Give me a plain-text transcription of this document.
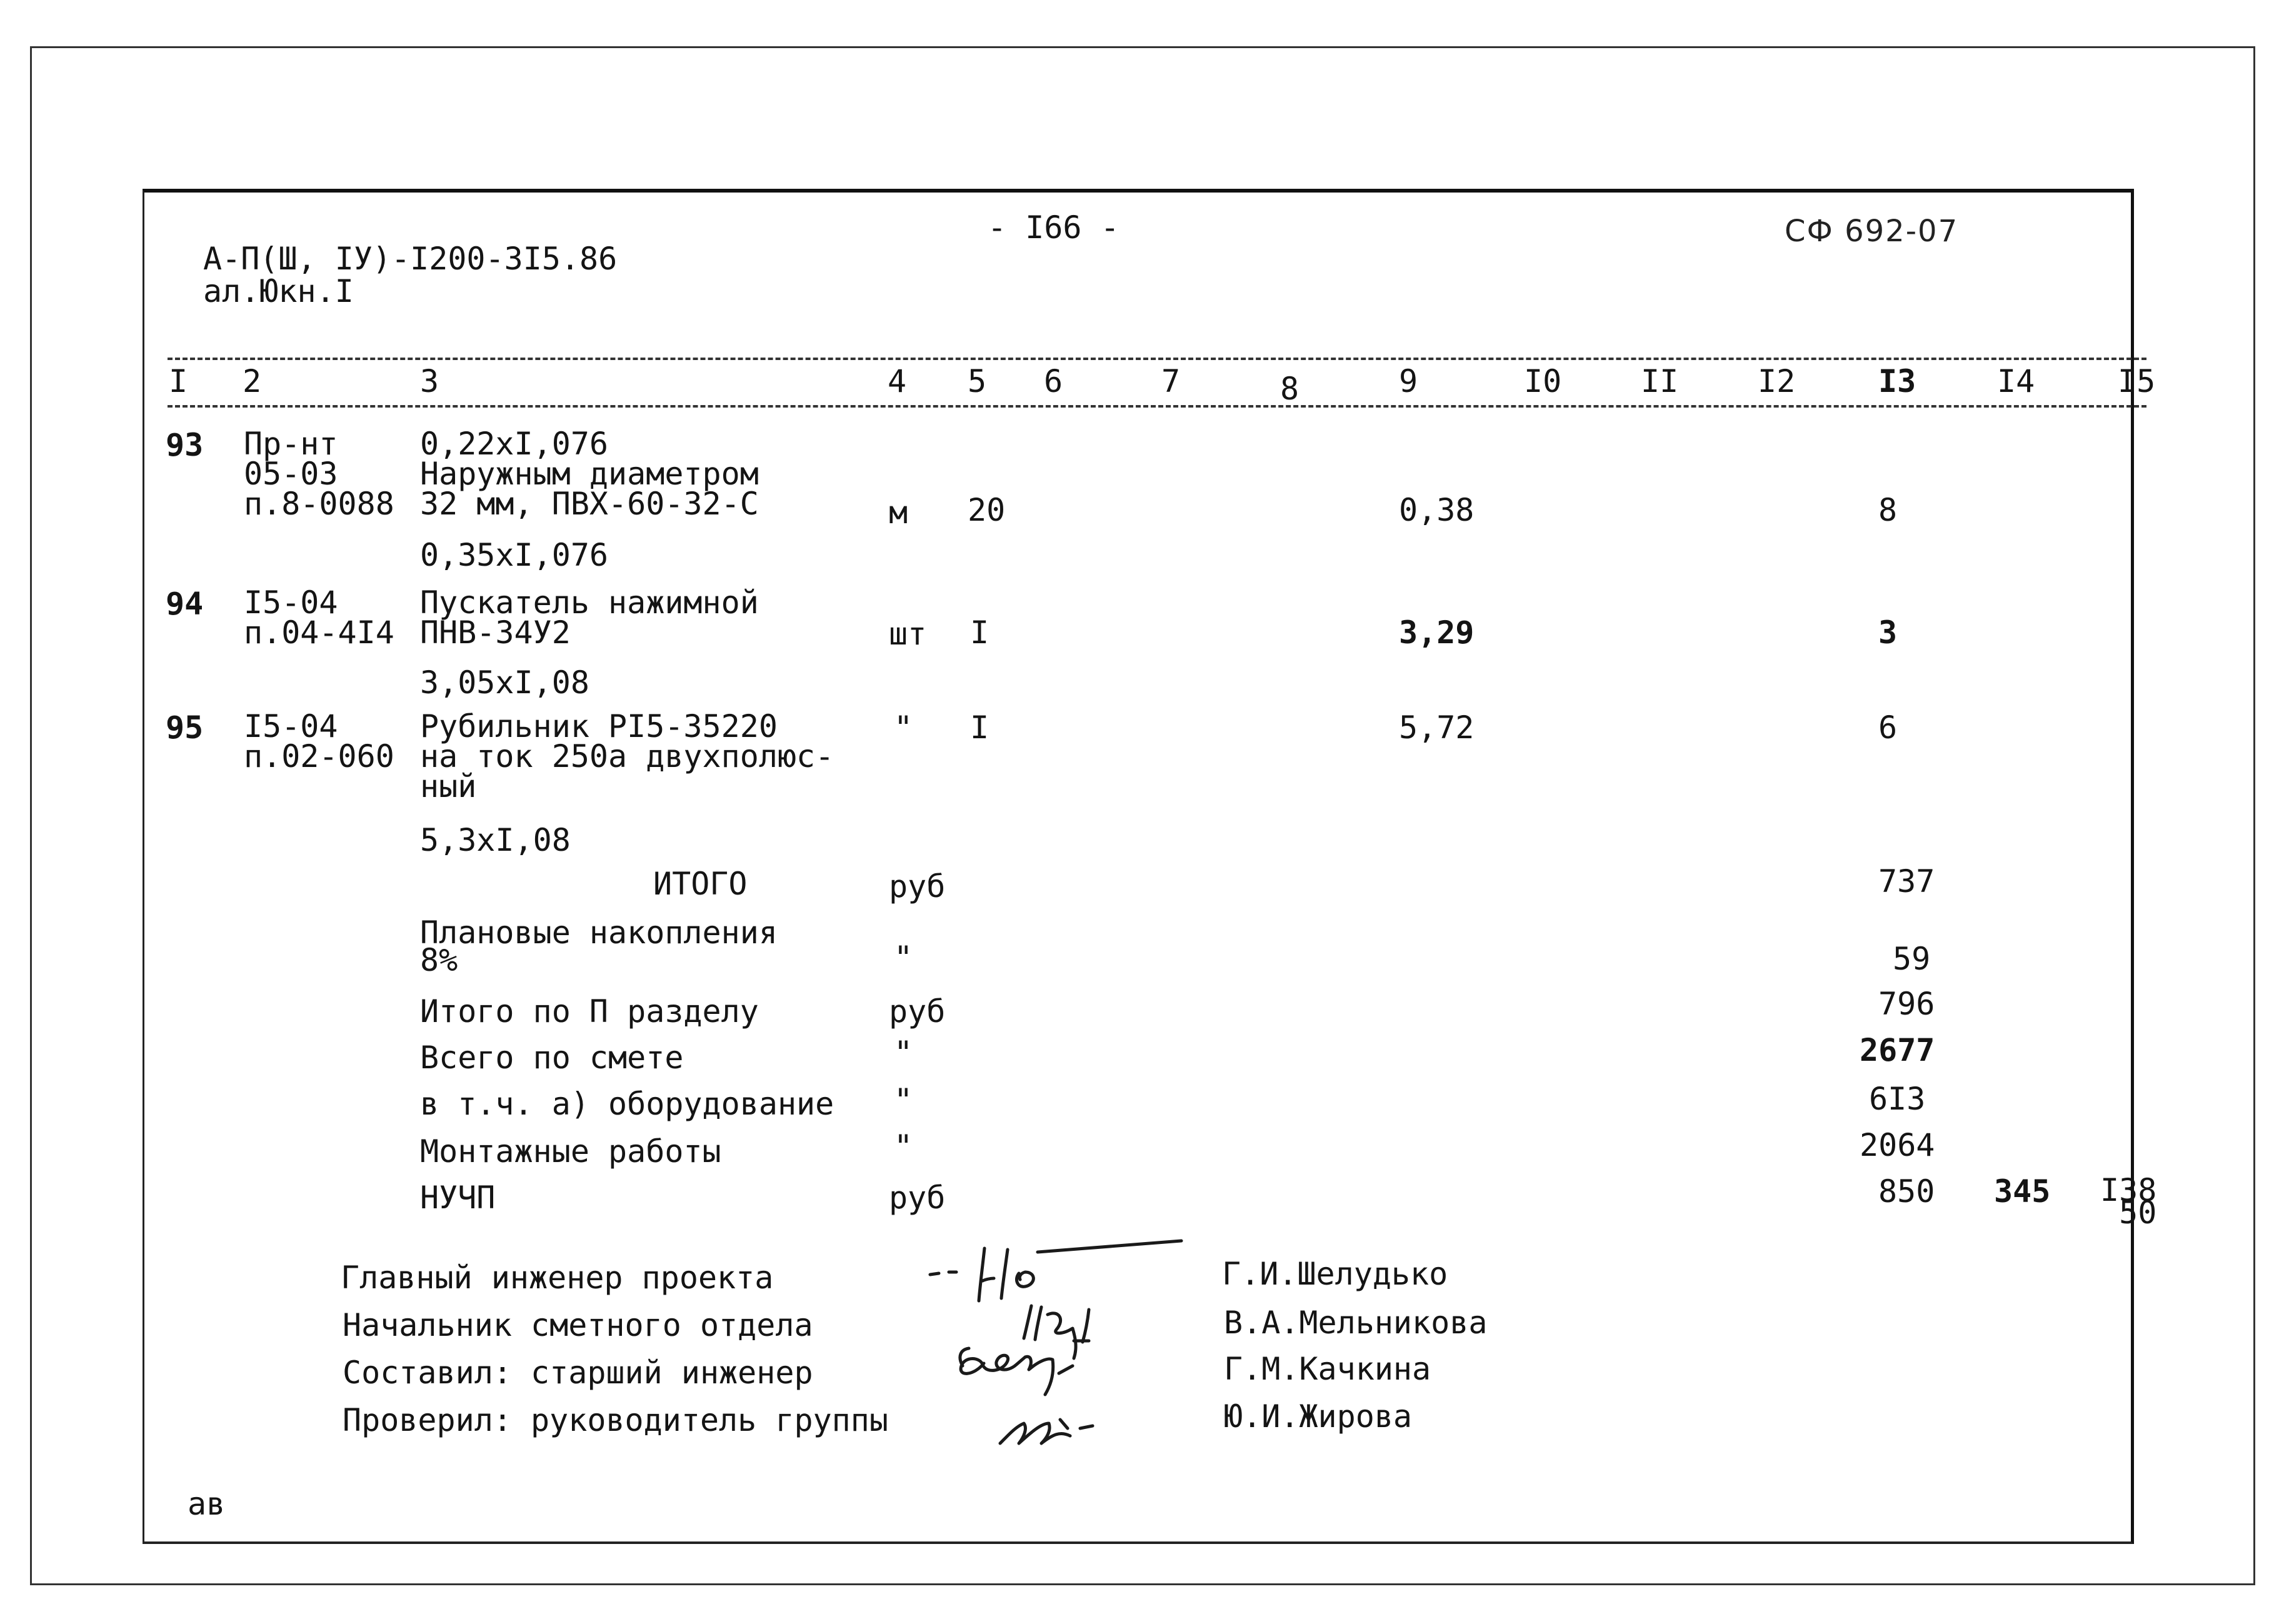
А-П(Ш, IУ)-I200-3I5.86
ал.Юкн.I
- I66 -	СФ 692-07
I 2	3	4 5 6	7	8	9	I0	II	I2	I3	I4	I5
93 Пр-нт
05-03
п.8-0088
0,22хI,076
Наружным диаметром
32 мм, ПВХ-60-32-С	м 20	0,38	8
0,35хI,076
94 I5-04
п.04-4I4
Пускатель нажимной
ПНВ-34У2	шт I	3,29	3
3,05хI,08
95 I5-04
п.02-060
Рубильник РI5-35220
на ток 250а двухполюс-
ный
" I	5,72	6
5,3хI,08
ИТОГО	руб	737
Плановые накопления
8%	"	59
Итого по П разделу	руб	796
Всего по смете	"	2677
в т.ч. а) оборудование "	6I3
Монтажные работы	"	2064
НУЧП	руб	850 345 I38
50
Главный инженер проекта	Г.И.Шелудько
Начальник сметного отдела	В.А.Мельникова
Составил: старший инженер	Г.М.Качкина
Проверил: руководитель группы	Ю.И.Жирова
ав
